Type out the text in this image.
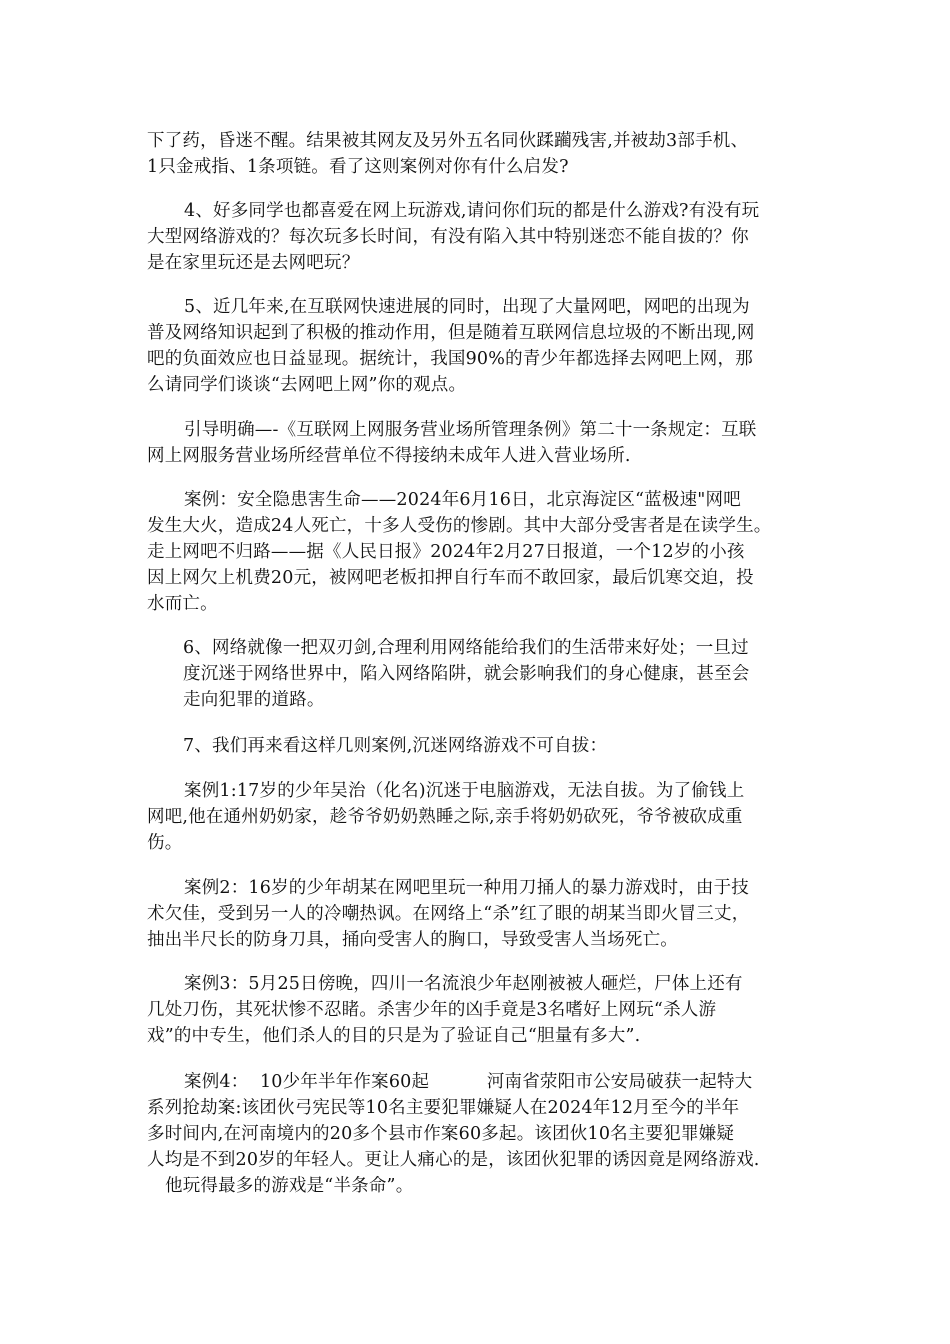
下了药，昏迷不醒。结果被其网友及另外五名同伙蹂躏残害,并被劫3部手机、
1只金戒指、1条项链。看了这则案例对你有什么启发?

4、好多同学也都喜爱在网上玩游戏,请问你们玩的都是什么游戏?有没有玩
大型网络游戏的？每次玩多长时间，有没有陷入其中特别迷恋不能自拔的？你
是在家里玩还是去网吧玩？

5、近几年来,在互联网快速进展的同时，出现了大量网吧，网吧的出现为
普及网络知识起到了积极的推动作用，但是随着互联网信息垃圾的不断出现,网
吧的负面效应也日益显现。据统计，我国90%的青少年都选择去网吧上网，那
么请同学们谈谈“去网吧上网”你的观点。

引导明确—-《互联网上网服务营业场所管理条例》第二十一条规定：互联
网上网服务营业场所经营单位不得接纳未成年人进入营业场所.

案例：安全隐患害生命——2024年6月16日，北京海淀区“蓝极速"网吧
发生大火，造成24人死亡，十多人受伤的惨剧。其中大部分受害者是在读学生。
走上网吧不归路——据《人民日报》2024年2月27日报道，一个12岁的小孩
因上网欠上机费20元，被网吧老板扣押自行车而不敢回家，最后饥寒交迫，投
水而亡。

6、网络就像一把双刃剑,合理利用网络能给我们的生活带来好处；一旦过
度沉迷于网络世界中，陷入网络陷阱，就会影响我们的身心健康，甚至会
走向犯罪的道路。

7、我们再来看这样几则案例,沉迷网络游戏不可自拔：

案例1:17岁的少年吴治（化名)沉迷于电脑游戏，无法自拔。为了偷钱上
网吧,他在通州奶奶家，趁爷爷奶奶熟睡之际,亲手将奶奶砍死，爷爷被砍成重
伤。

案例2：16岁的少年胡某在网吧里玩一种用刀捅人的暴力游戏时，由于技
术欠佳，受到另一人的冷嘲热讽。在网络上“杀”红了眼的胡某当即火冒三丈，
抽出半尺长的防身刀具，捅向受害人的胸口，导致受害人当场死亡。

案例3：5月25日傍晚，四川一名流浪少年赵刚被被人砸烂，尸体上还有
几处刀伤，其死状惨不忍睹。杀害少年的凶手竟是3名嗜好上网玩“杀人游
戏”的中专生，他们杀人的目的只是为了验证自己“胆量有多大”.

案例4：  10少年半年作案60起          河南省荥阳市公安局破获一起特大
系列抢劫案:该团伙弓宪民等10名主要犯罪嫌疑人在2024年12月至今的半年
多时间内,在河南境内的20多个县市作案60多起。该团伙10名主要犯罪嫌疑
人均是不到20岁的年轻人。更让人痛心的是，该团伙犯罪的诱因竟是网络游戏.
他玩得最多的游戏是“半条命”。
